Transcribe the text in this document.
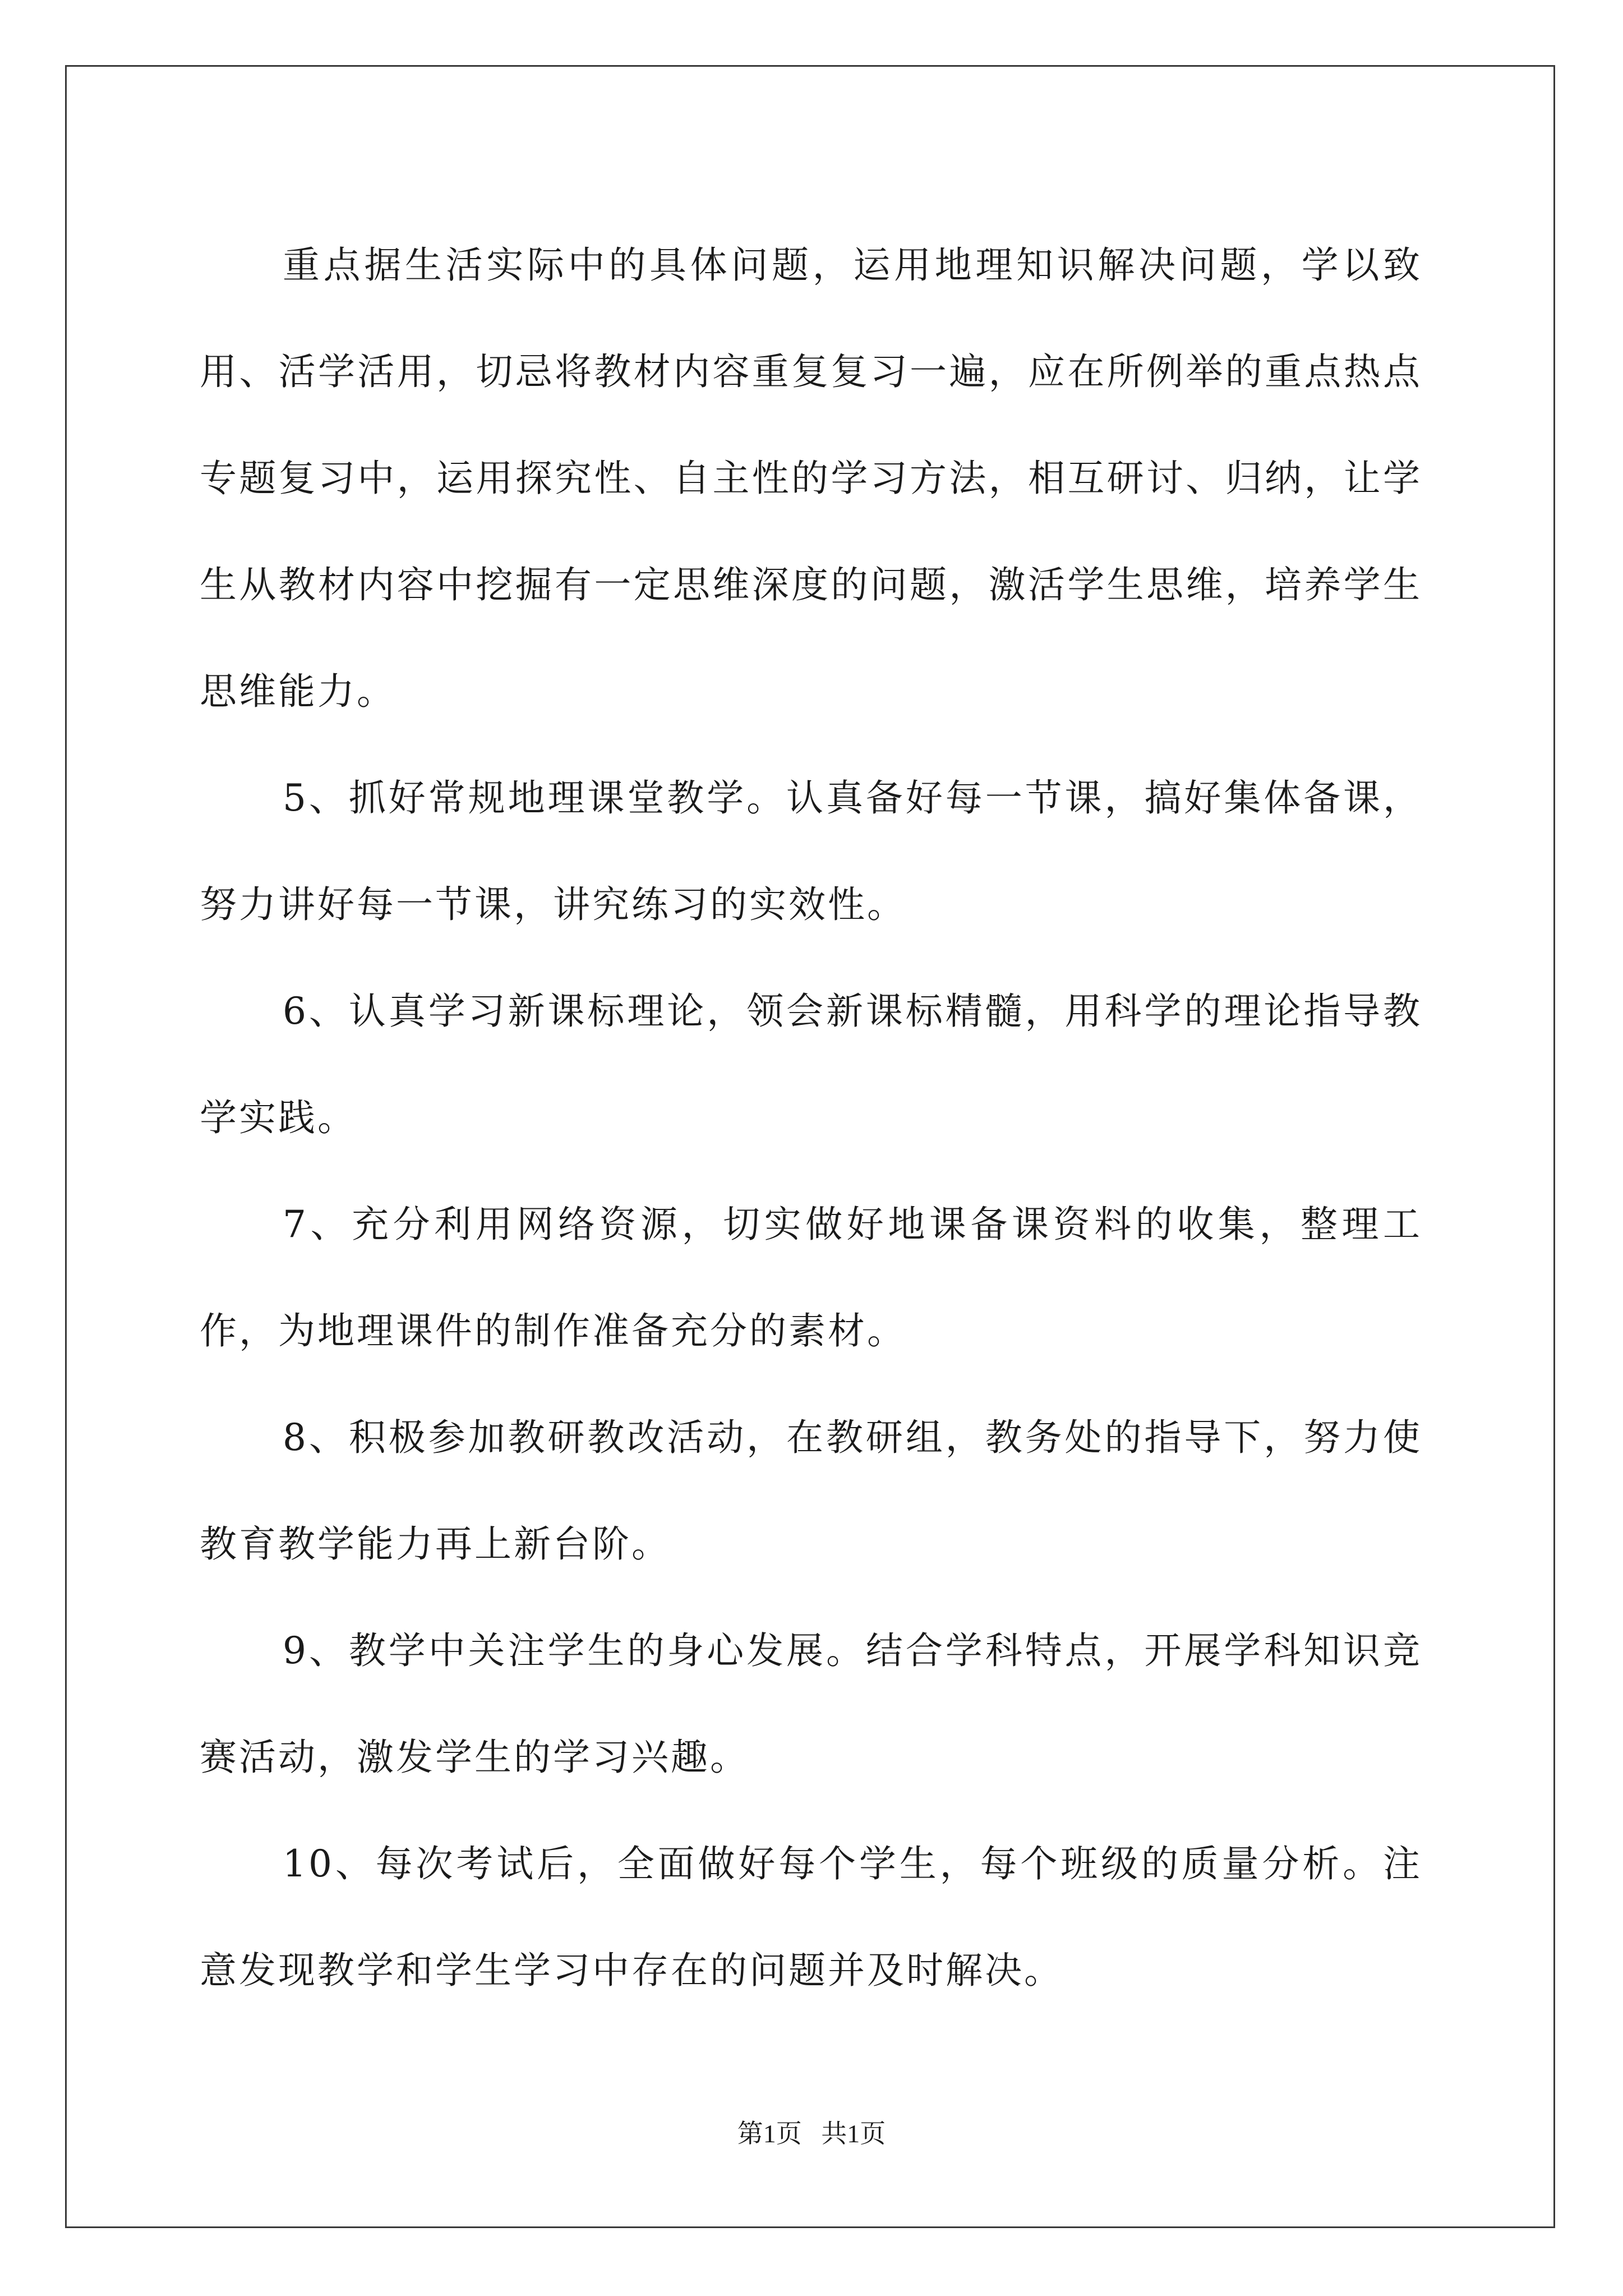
重点据生活实际中的具体问题，运用地理知识解决问题，学以致用、活学活用，切忌将教材内容重复复习一遍，应在所例举的重点热点专题复习中，运用探究性、自主性的学习方法，相互研讨、归纳，让学生从教材内容中挖掘有一定思维深度的问题，激活学生思维，培养学生思维能力。

5、抓好常规地理课堂教学。认真备好每一节课，搞好集体备课，努力讲好每一节课，讲究练习的实效性。

6、认真学习新课标理论，领会新课标精髓，用科学的理论指导教学实践。

7、充分利用网络资源，切实做好地课备课资料的收集，整理工作，为地理课件的制作准备充分的素材。

8、积极参加教研教改活动，在教研组，教务处的指导下，努力使教育教学能力再上新台阶。

9、教学中关注学生的身心发展。结合学科特点，开展学科知识竞赛活动，激发学生的学习兴趣。

10、每次考试后，全面做好每个学生，每个班级的质量分析。注意发现教学和学生学习中存在的问题并及时解决。

第1页   共1页
